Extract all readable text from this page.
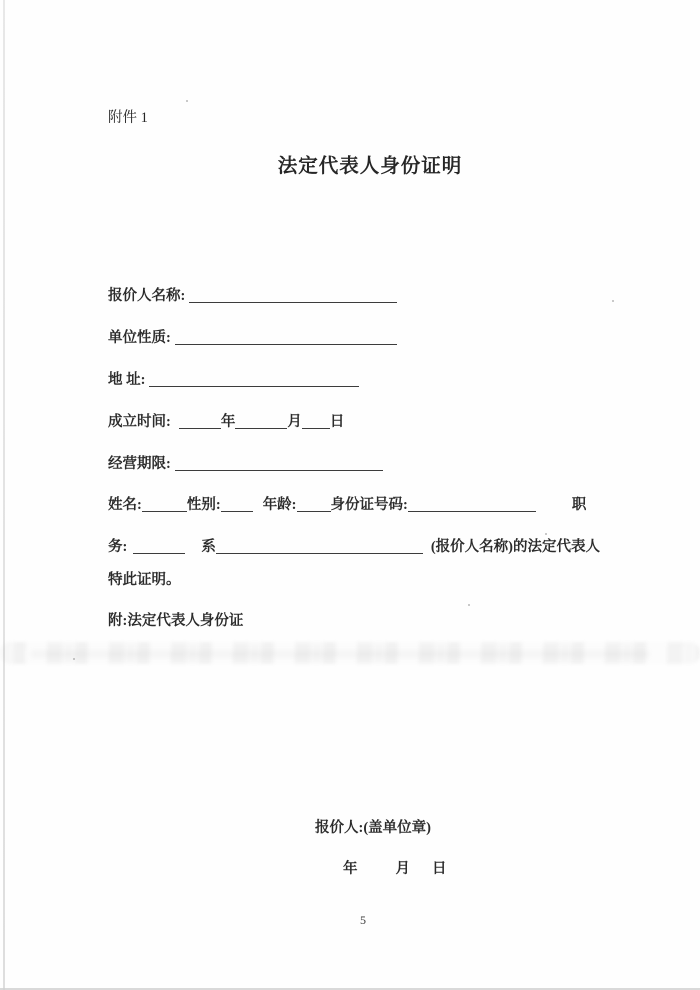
附件 1
法定代表人身份证明
报价人名称:
单位性质:
地 址:
成立时间:	年	月 日
经营期限:
姓名:	性别:	年龄: 身份证号码:	职
务:	系	(报价人名称)的法定代表人
特此证明。
附:法定代表人身份证
报价人:(盖单位章)
年	月 日
5
